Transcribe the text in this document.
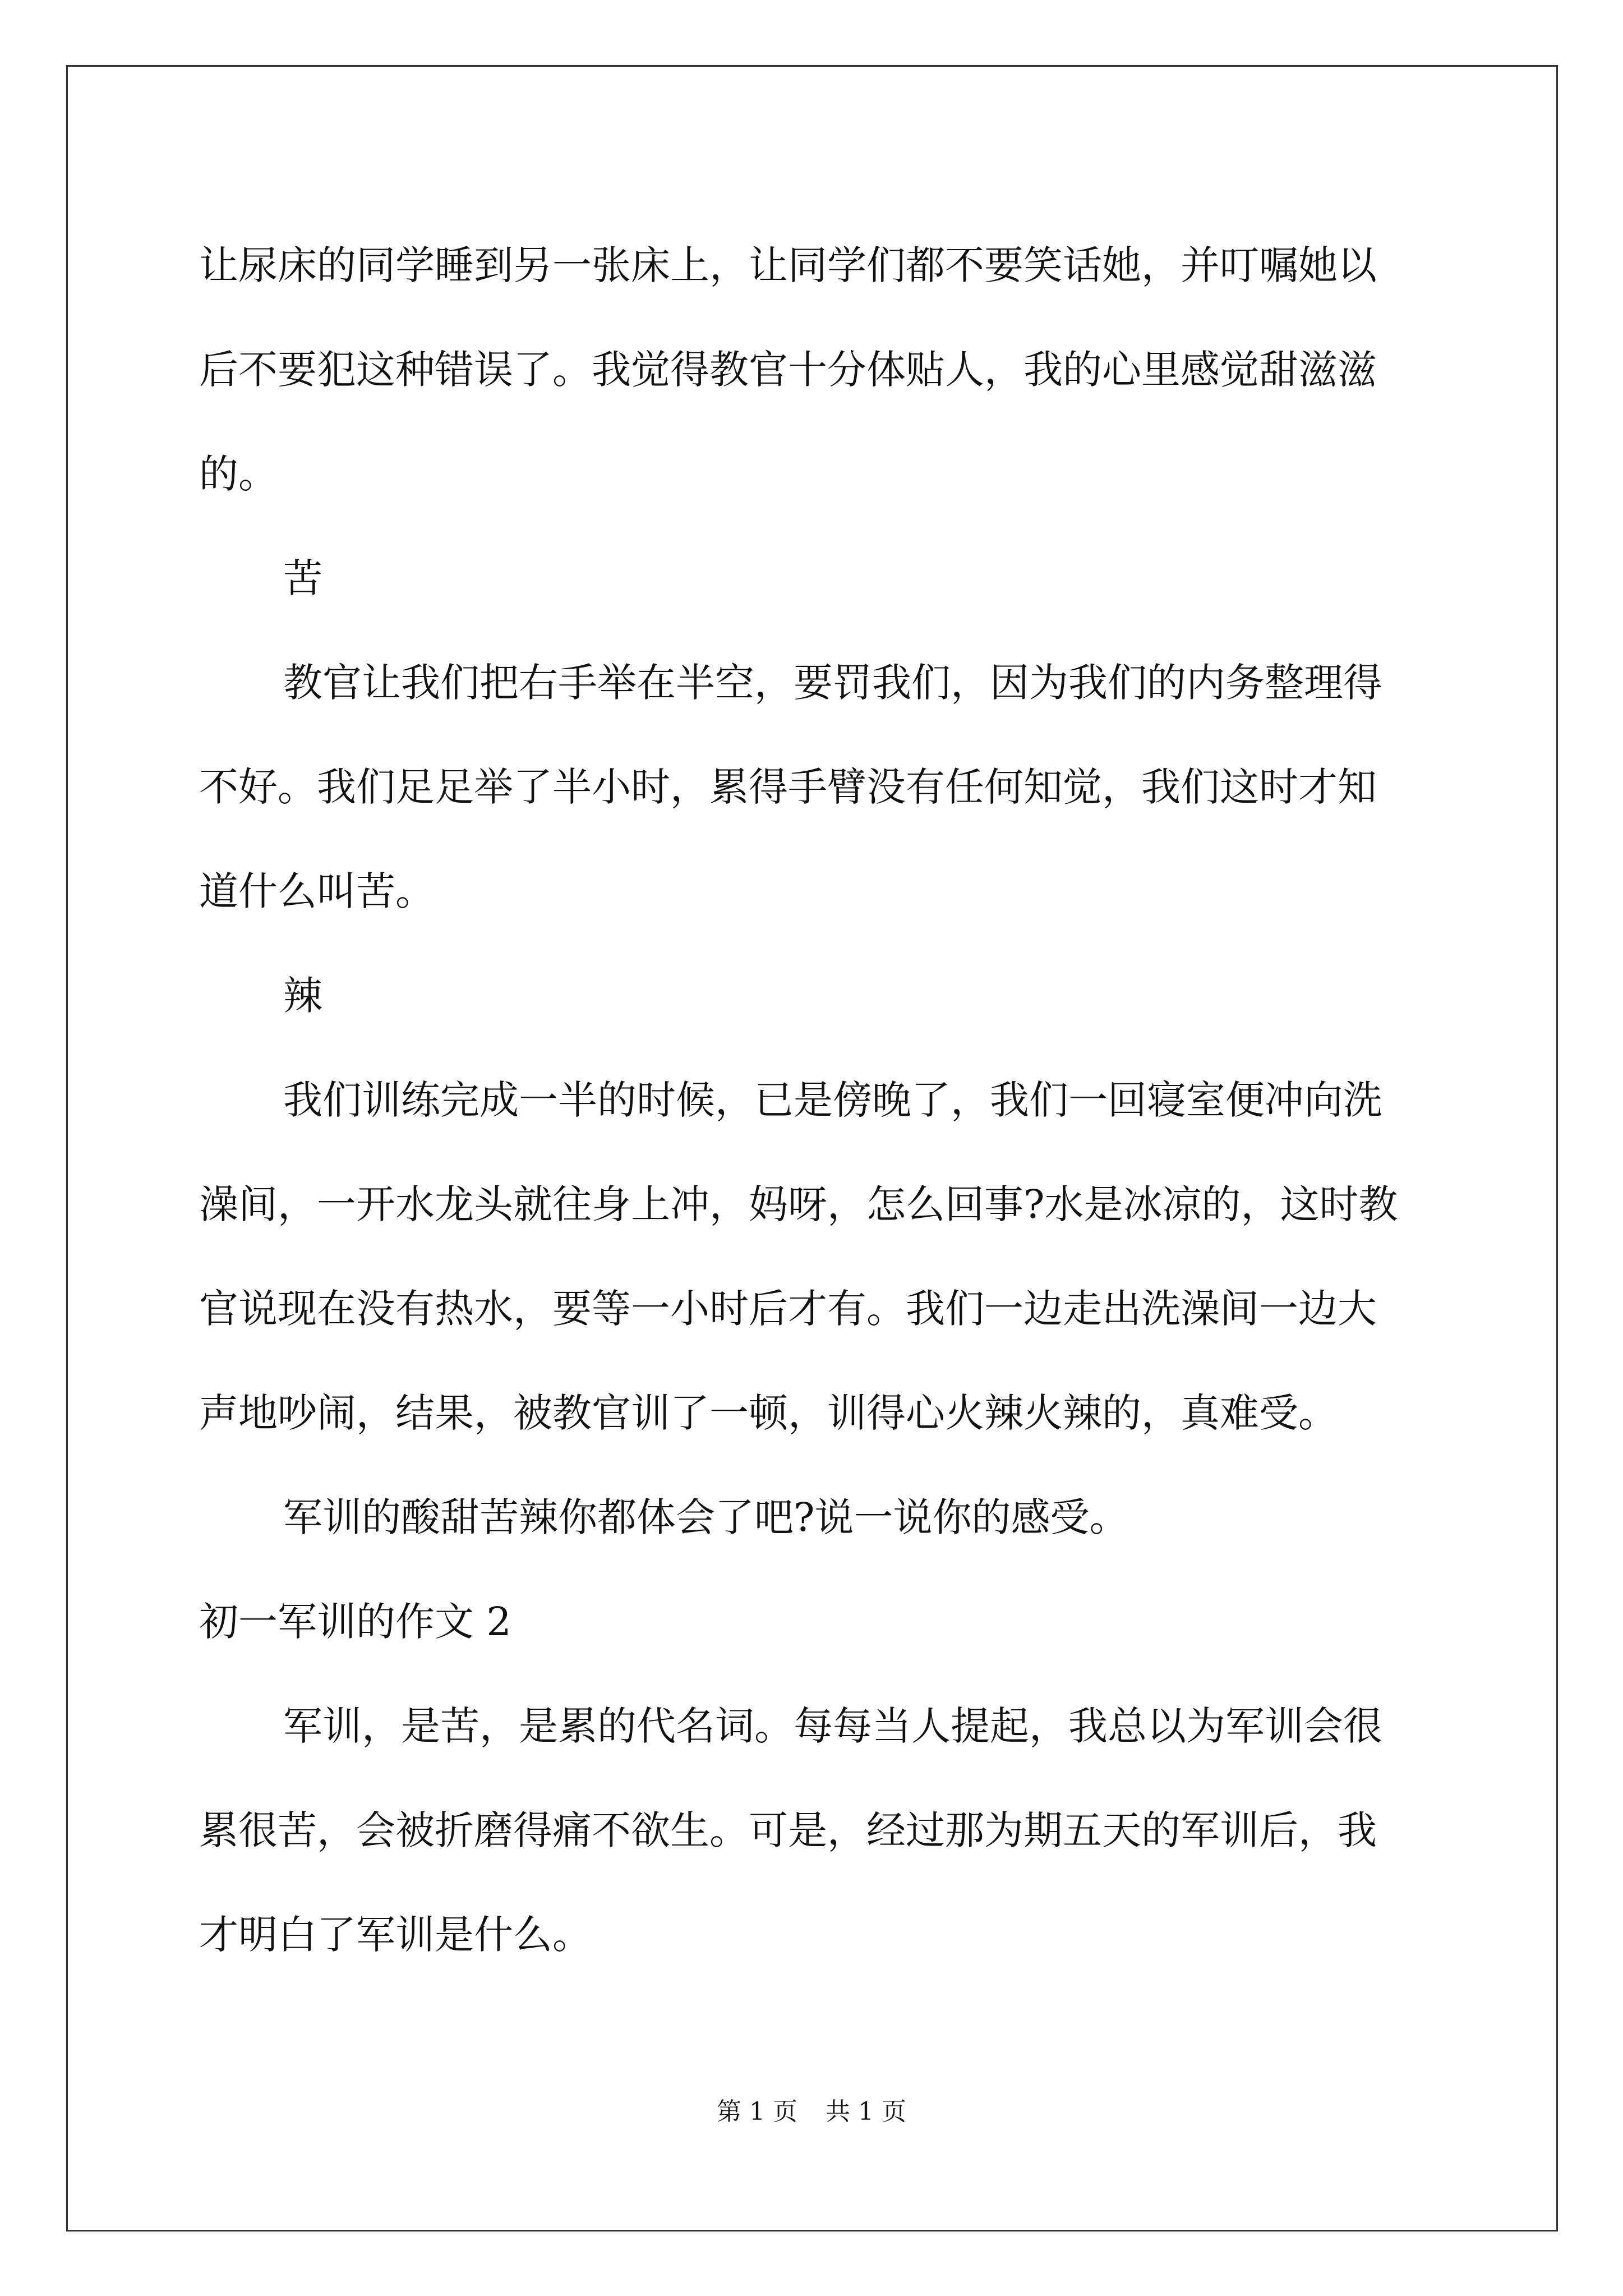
让尿床的同学睡到另一张床上，让同学们都不要笑话她，并叮嘱她以
后不要犯这种错误了。我觉得教官十分体贴人，我的心里感觉甜滋滋
的。
苦
教官让我们把右手举在半空，要罚我们，因为我们的内务整理得
不好。我们足足举了半小时，累得手臂没有任何知觉，我们这时才知
道什么叫苦。
辣
我们训练完成一半的时候，已是傍晚了，我们一回寝室便冲向洗
澡间，一开水龙头就往身上冲，妈呀，怎么回事?水是冰凉的，这时教
官说现在没有热水，要等一小时后才有。我们一边走出洗澡间一边大
声地吵闹，结果，被教官训了一顿，训得心火辣火辣的，真难受。
军训的酸甜苦辣你都体会了吧?说一说你的感受。
初一军训的作文 2
军训，是苦，是累的代名词。每每当人提起，我总以为军训会很
累很苦，会被折磨得痛不欲生。可是，经过那为期五天的军训后，我
才明白了军训是什么。
第 1 页 共 1 页
